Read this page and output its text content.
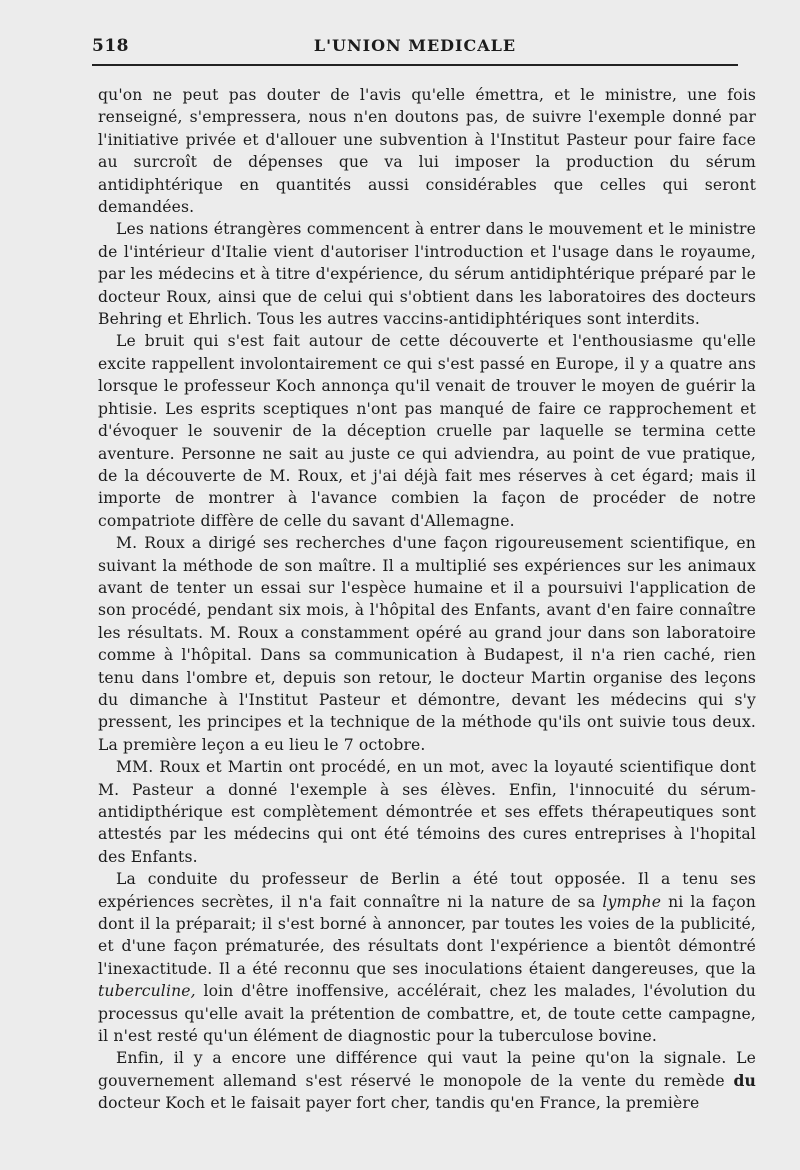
518	L'UNION MEDICALE

qu'on ne peut pas douter de l'avis qu'elle émettra, et le ministre, une fois renseigné, s'empressera, nous n'en doutons pas, de suivre l'exemple donné par l'initiative privée et d'allouer une subvention à l'Institut Pasteur pour faire face au surcroît de dépenses que va lui imposer la production du sérum antidiphtérique en quantités aussi considérables que celles qui seront demandées.

Les nations étrangères commencent à entrer dans le mouvement et le ministre de l'intérieur d'Italie vient d'autoriser l'introduction et l'usage dans le royaume, par les médecins et à titre d'expérience, du sérum antidiphtérique préparé par le docteur Roux, ainsi que de celui qui s'obtient dans les laboratoires des docteurs Behring et Ehrlich. Tous les autres vaccins-antidiphtériques sont interdits.

Le bruit qui s'est fait autour de cette découverte et l'enthousiasme qu'elle excite rappellent involontairement ce qui s'est passé en Europe, il y a quatre ans lorsque le professeur Koch annonça qu'il venait de trouver le moyen de guérir la phtisie. Les esprits sceptiques n'ont pas manqué de faire ce rapprochement et d'évoquer le souvenir de la déception cruelle par laquelle se termina cette aventure. Personne ne sait au juste ce qui adviendra, au point de vue pratique, de la découverte de M. Roux, et j'ai déjà fait mes réserves à cet égard; mais il importe de montrer à l'avance combien la façon de procéder de notre compatriote diffère de celle du savant d'Allemagne.

M. Roux a dirigé ses recherches d'une façon rigoureusement scientifique, en suivant la méthode de son maître. Il a multiplié ses expériences sur les animaux avant de tenter un essai sur l'espèce humaine et il a poursuivi l'application de son procédé, pendant six mois, à l'hôpital des Enfants, avant d'en faire connaître les résultats. M. Roux a constamment opéré au grand jour dans son laboratoire comme à l'hôpital. Dans sa communication à Budapest, il n'a rien caché, rien tenu dans l'ombre et, depuis son retour, le docteur Martin organise des leçons du dimanche à l'Institut Pasteur et démontre, devant les médecins qui s'y pressent, les principes et la technique de la méthode qu'ils ont suivie tous deux. La première leçon a eu lieu le 7 octobre.

MM. Roux et Martin ont procédé, en un mot, avec la loyauté scientifique dont M. Pasteur a donné l'exemple à ses élèves. Enfin, l'innocuité du sérum-antidipthérique est complètement démontrée et ses effets thérapeutiques sont attestés par les médecins qui ont été témoins des cures entreprises à l'hopital des Enfants.

La conduite du professeur de Berlin a été tout opposée. Il a tenu ses expériences secrètes, il n'a fait connaître ni la nature de sa lymphe ni la façon dont il la préparait; il s'est borné à annoncer, par toutes les voies de la publicité, et d'une façon prématurée, des résultats dont l'expérience a bientôt démontré l'inexactitude. Il a été reconnu que ses inoculations étaient dangereuses, que la tuberculine, loin d'être inoffensive, accélérait, chez les malades, l'évolution du processus qu'elle avait la prétention de combattre, et, de toute cette campagne, il n'est resté qu'un élément de diagnostic pour la tuberculose bovine.

Enfin, il y a encore une différence qui vaut la peine qu'on la signale. Le gouvernement allemand s'est réservé le monopole de la vente du remède du docteur Koch et le faisait payer fort cher, tandis qu'en France, la première
